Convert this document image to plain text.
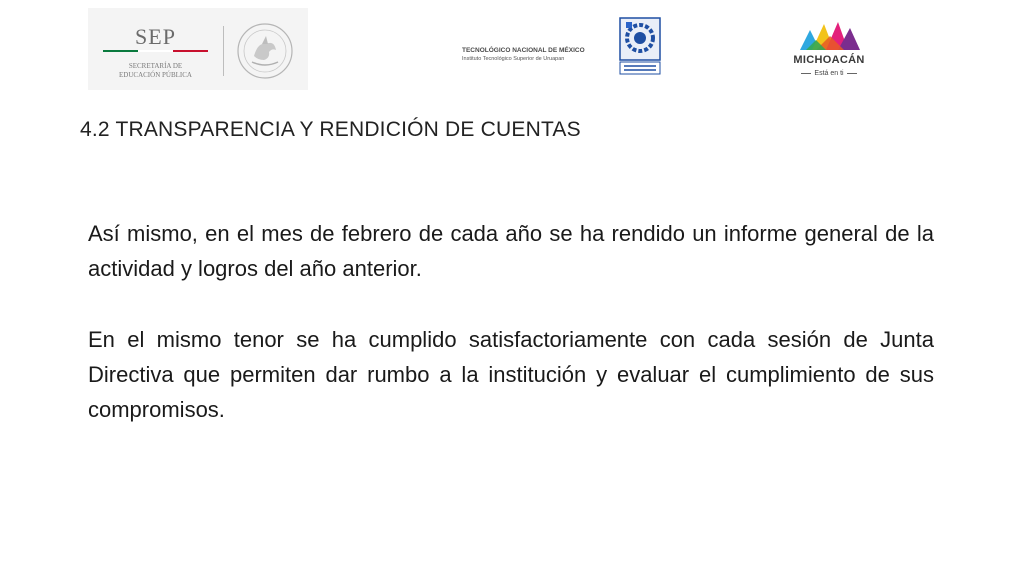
SEP
SECRETARÍA DE
EDUCACIÓN PÚBLICA
TECNOLÓGICO NACIONAL DE MÉXICO
Instituto Tecnológico Superior de Uruapan	MICHOACÁN
Está en ti
4.2 TRANSPARENCIA Y RENDICIÓN DE CUENTAS

Así mismo, en el mes de febrero de cada año se ha rendido un informe general de la actividad y logros del año anterior.

En el mismo tenor se ha cumplido satisfactoriamente con cada sesión de Junta Directiva que permiten dar rumbo a la institución y evaluar el cumplimiento de sus compromisos.
